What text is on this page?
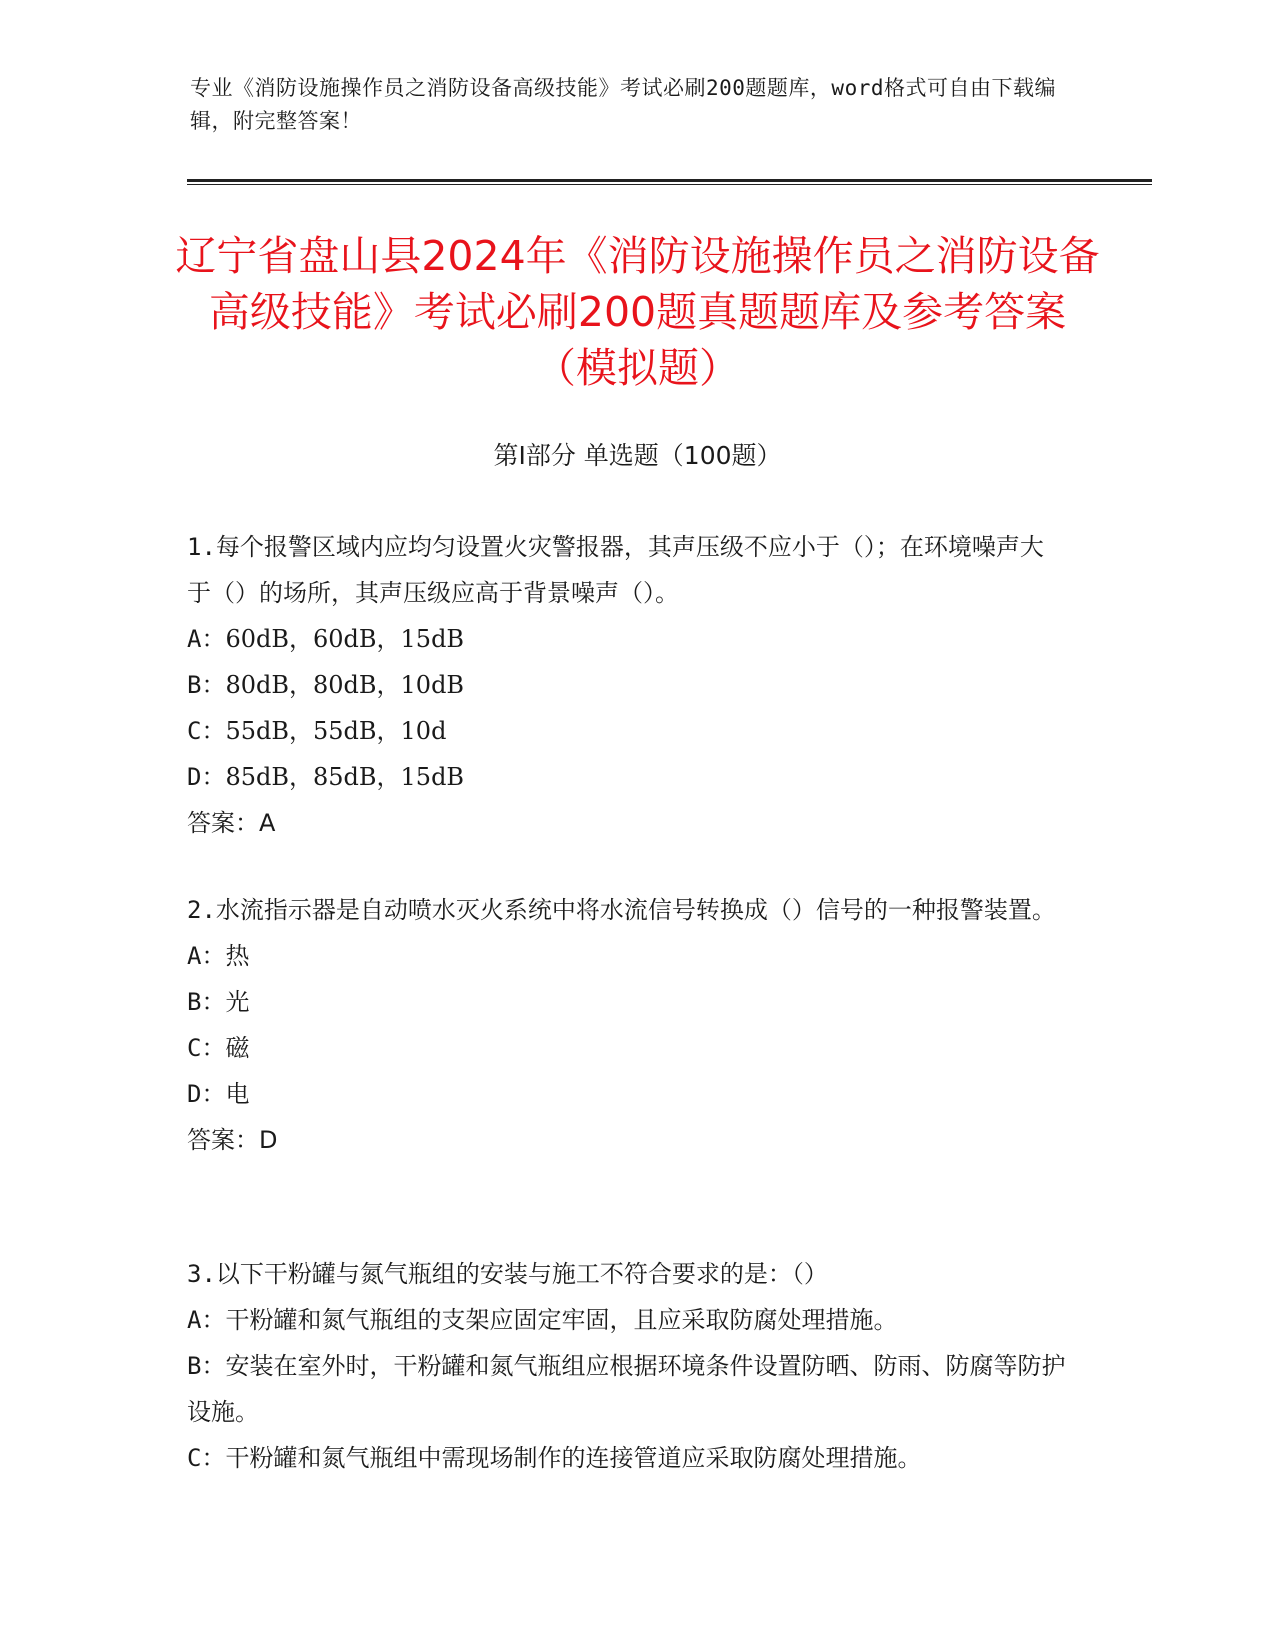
专业《消防设施操作员之消防设备高级技能》考试必刷200题题库，word格式可自由下载编辑，附完整答案！
辽宁省盘山县2024年《消防设施操作员之消防设备高级技能》考试必刷200题真题题库及参考答案（模拟题）
第Ⅰ部分 单选题（100题）

1.每个报警区域内应均匀设置火灾警报器，其声压级不应小于（）；在环境噪声大于（）的场所，其声压级应高于背景噪声（）。

A：60dB，60dB，15dB

B：80dB，80dB，10dB

C：55dB，55dB，10d

D：85dB，85dB，15dB

答案：A

2.水流指示器是自动喷水灭火系统中将水流信号转换成（）信号的一种报警装置。

A：热

B：光

C：磁

D：电

答案：D

3.以下干粉罐与氮气瓶组的安装与施工不符合要求的是：（）

A：干粉罐和氮气瓶组的支架应固定牢固，且应采取防腐处理措施。

B：安装在室外时，干粉罐和氮气瓶组应根据环境条件设置防晒、防雨、防腐等防护设施。

C：干粉罐和氮气瓶组中需现场制作的连接管道应采取防腐处理措施。
